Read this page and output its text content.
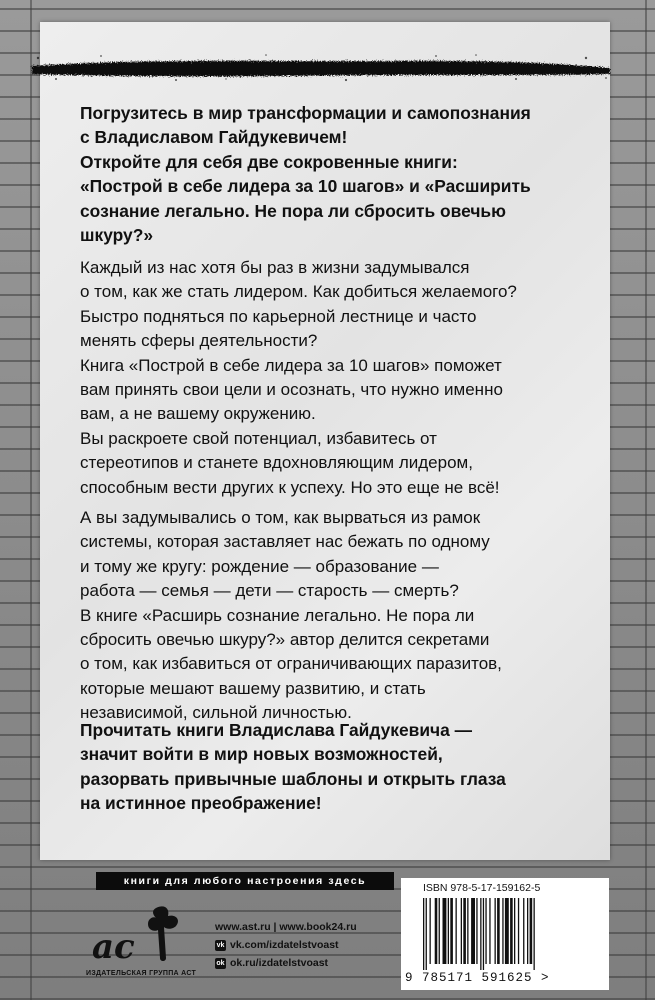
Погрузитесь в мир трансформации и самопознания
с Владиславом Гайдукевичем!
Откройте для себя две сокровенные книги:
«Построй в себе лидера за 10 шагов» и «Расширить
сознание легально. Не пора ли сбросить овечью
шкуру?»
Каждый из нас хотя бы раз в жизни задумывался
о том, как же стать лидером. Как добиться желаемого?
Быстро подняться по карьерной лестнице и часто
менять сферы деятельности?
Книга «Построй в себе лидера за 10 шагов» поможет
вам принять свои цели и осознать, что нужно именно
вам, а не вашему окружению.
Вы раскроете свой потенциал, избавитесь от
стереотипов и станете вдохновляющим лидером,
способным вести других к успеху. Но это еще не всё!
А вы задумывались о том, как вырваться из рамок
системы, которая заставляет нас бежать по одному
и тому же кругу: рождение — образование —
работа — семья — дети — старость — смерть?
В книге «Расширь сознание легально. Не пора ли
сбросить овечью шкуру?» автор делится секретами
о том, как избавиться от ограничивающих паразитов,
которые мешают вашему развитию, и стать
независимой, сильной личностью.
Прочитать книги Владислава Гайдукевича —
значит войти в мир новых возможностей,
разорвать привычные шаблоны и открыть глаза
на истинное преображение!
книги для любого настроения здесь
ac
ИЗДАТЕЛЬСКАЯ ГРУППА АСТ
www.ast.ru | www.book24.ru
vk vk.com/izdatelstvoast
ok ok.ru/izdatelstvoast
ISBN 978-5-17-159162-5
9 785171 591625 >
